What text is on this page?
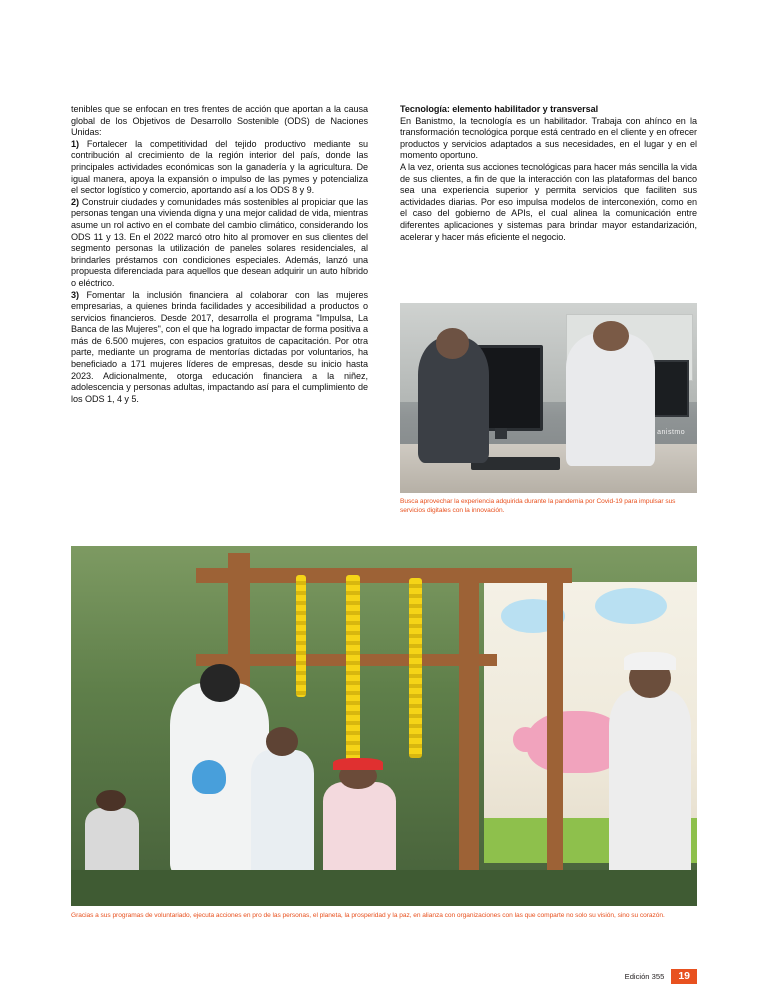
tenibles que se enfocan en tres frentes de acción que aportan a la causa global de los Objetivos de Desarrollo Sostenible (ODS) de Naciones Unidas:

1) Fortalecer la competitividad del tejido productivo mediante su contribución al crecimiento de la región interior del país, donde las principales actividades económicas son la ganadería y la agricultura. De igual manera, apoya la expansión o impulso de las pymes y potencializa el sector logístico y comercio, aportando así a los ODS 8 y 9.

2) Construir ciudades y comunidades más sostenibles al propiciar que las personas tengan una vivienda digna y una mejor calidad de vida, mientras asume un rol activo en el combate del cambio climático, considerando los ODS 11 y 13. En el 2022 marcó otro hito al promover en sus clientes del segmento personas la utilización de paneles solares residenciales, al brindarles préstamos con condiciones especiales. Además, lanzó una propuesta diferenciada para aquellos que desean adquirir un auto híbrido o eléctrico.

3) Fomentar la inclusión financiera al colaborar con las mujeres empresarias, a quienes brinda facilidades y accesibilidad a productos o servicios financieros. Desde 2017, desarrolla el programa "Impulsa, La Banca de las Mujeres", con el que ha logrado impactar de forma positiva a más de 6.500 mujeres, con espacios gratuitos de capacitación. Por otra parte, mediante un programa de mentorías dictadas por voluntarios, ha beneficiado a 171 mujeres líderes de empresas, desde su inicio hasta 2023. Adicionalmente, otorga educación financiera a la niñez, adolescencia y personas adultas, impactando así para el cumplimiento de los ODS 1, 4 y 5.

Tecnología: elemento habilitador y transversal

En Banistmo, la tecnología es un habilitador. Trabaja con ahínco en la transformación tecnológica porque está centrado en el cliente y en ofrecer productos y servicios adaptados a sus necesidades, en el lugar y en el momento oportuno.

A la vez, orienta sus acciones tecnológicas para hacer más sencilla la vida de sus clientes, a fin de que la interacción con las plataformas del banco sea una experiencia superior y permita servicios que faciliten sus actividades diarias. Por eso impulsa modelos de interconexión, como en el caso del gobierno de APIs, el cual alinea la comunicación entre diferentes aplicaciones y sistemas para brindar mayor estandarización, acelerar y hacer más eficiente el negocio.

anistmo
Busca aprovechar la experiencia adquirida durante la pandemia por Covid-19 para impulsar sus servicios digitales con la innovación.
Gracias a sus programas de voluntariado, ejecuta acciones en pro de las personas, el planeta, la prosperidad y la paz, en alianza con organizaciones con las que comparte no solo su visión, sino su corazón.
Edición 355	19
